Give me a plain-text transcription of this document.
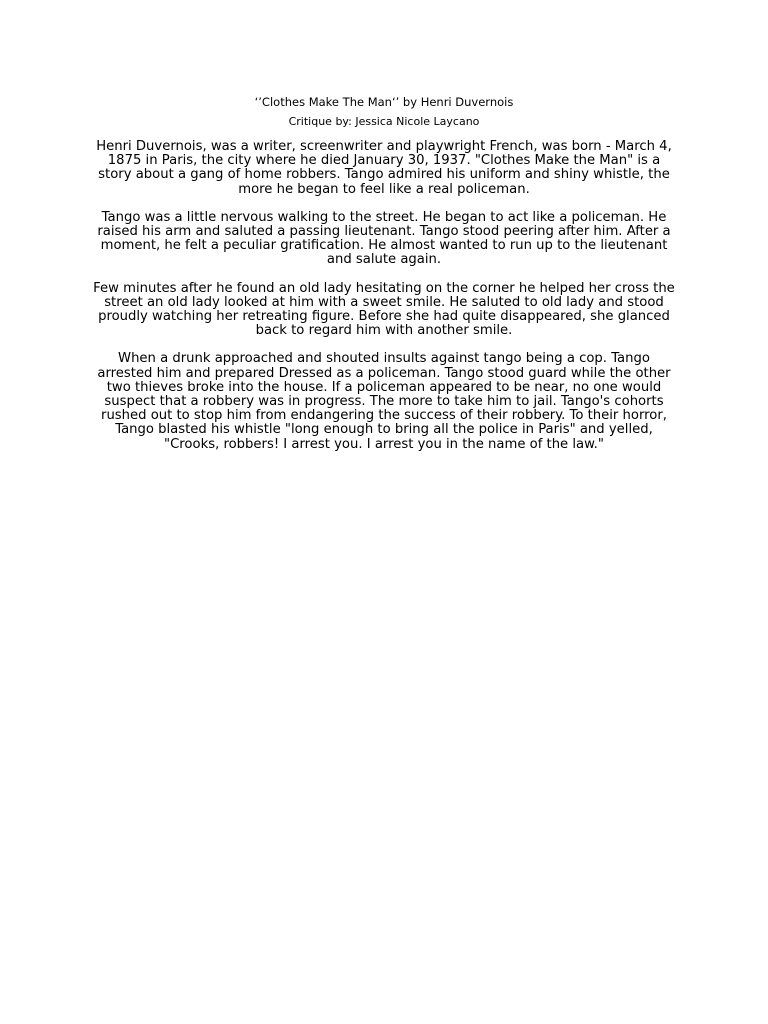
‘’Clothes Make The Man‘’ by Henri Duvernois
Critique by: Jessica Nicole Laycano

Henri Duvernois, was a writer, screenwriter and playwright French, was born - March 4, 1875 in Paris, the city where he died January 30, 1937. "Clothes Make the Man" is a story about a gang of home robbers. Tango admired his uniform and shiny whistle, the more he began to feel like a real policeman.

Tango was a little nervous walking to the street. He began to act like a policeman. He raised his arm and saluted a passing lieutenant. Tango stood peering after him. After a moment, he felt a peculiar gratification. He almost wanted to run up to the lieutenant and salute again.

Few minutes after he found an old lady hesitating on the corner he helped her cross the street an old lady looked at him with a sweet smile. He saluted to old lady and stood proudly watching her retreating figure. Before she had quite disappeared, she glanced back to regard him with another smile.

When a drunk approached and shouted insults against tango being a cop. Tango arrested him and prepared Dressed as a policeman. Tango stood guard while the other two thieves broke into the house. If a policeman appeared to be near, no one would suspect that a robbery was in progress. The more to take him to jail. Tango's cohorts rushed out to stop him from endangering the success of their robbery. To their horror, Tango blasted his whistle "long enough to bring all the police in Paris" and yelled, "Crooks, robbers! I arrest you. I arrest you in the name of the law."
